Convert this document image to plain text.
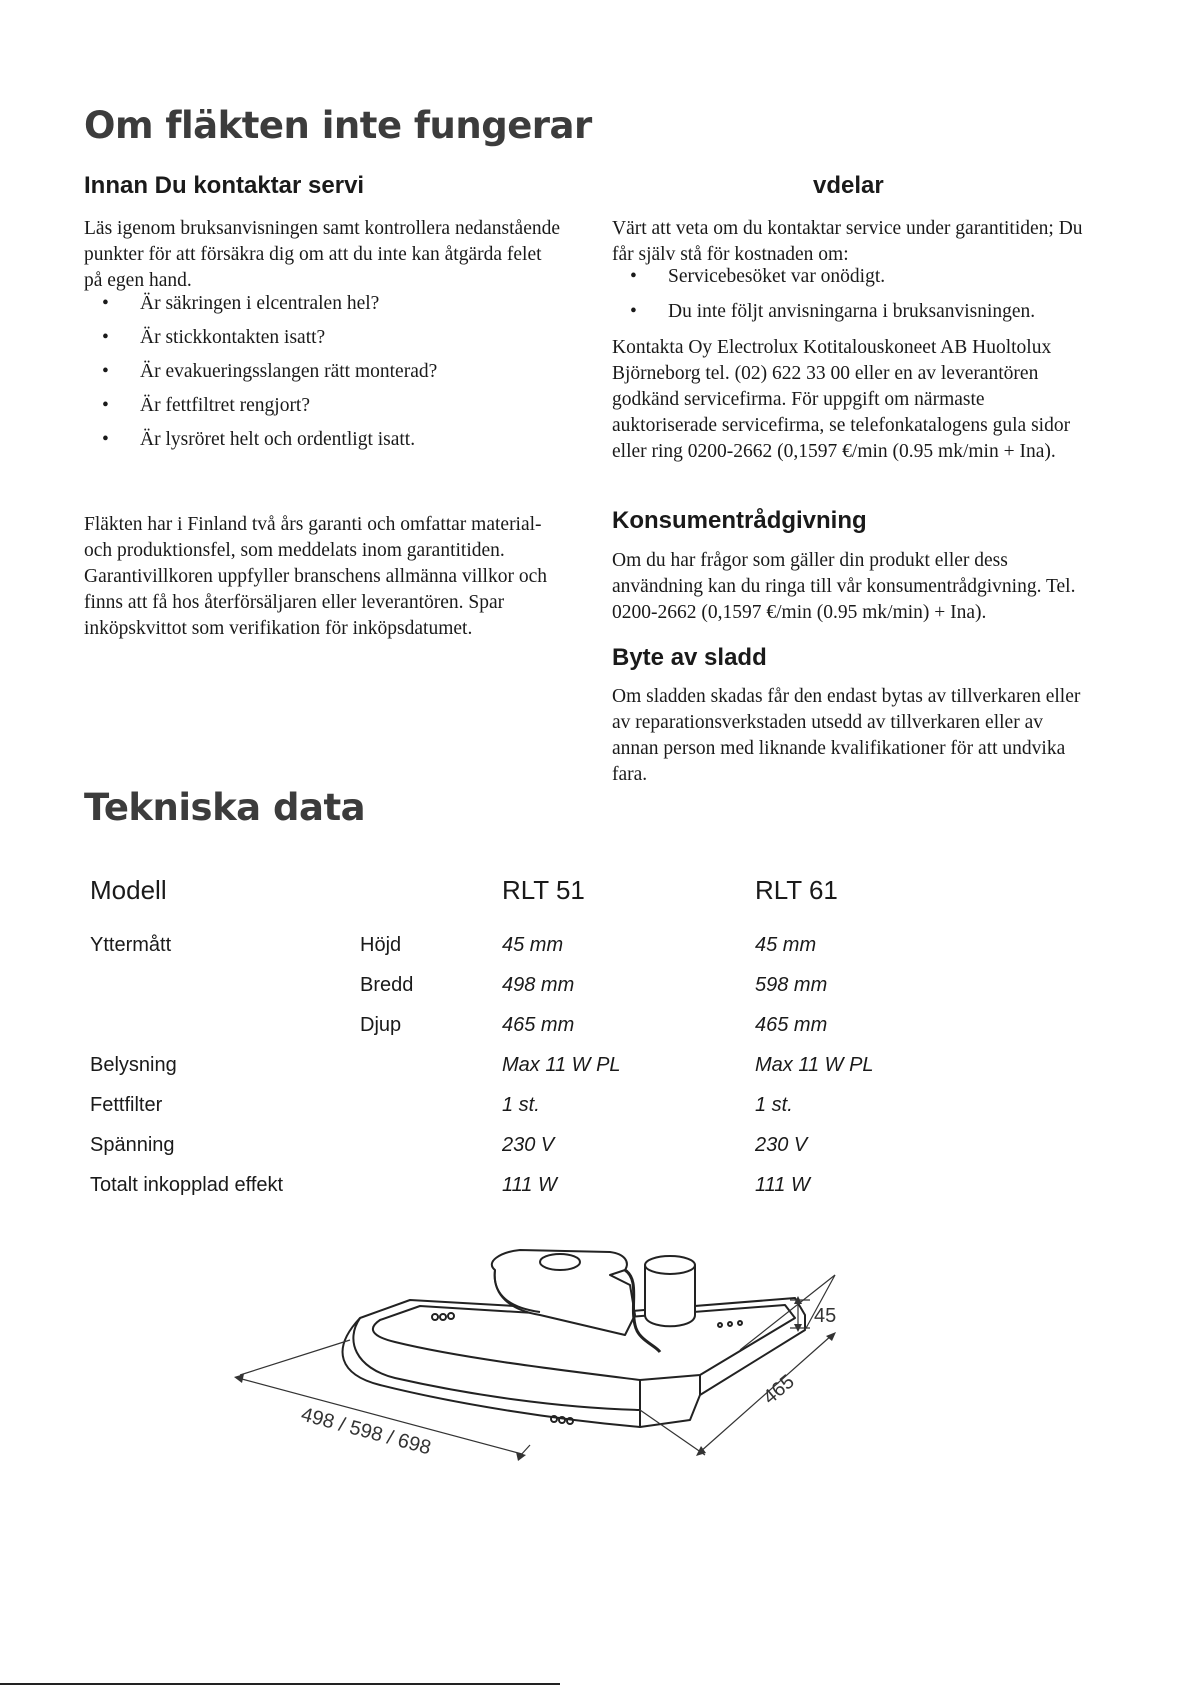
Om fläkten inte fungerar
Innan Du kontaktar servi

Läs igenom bruksanvisningen samt kontrollera nedanstående punkter för att försäkra dig om att du inte kan åtgärda felet på egen hand.

• Är säkringen i elcentralen hel?
• Är stickkontakten isatt?
• Är evakueringsslangen rätt monterad?
• Är fettfiltret rengjort?
• Är lysröret helt och ordentligt isatt.

Fläkten har i Finland två års garanti och omfattar material- och produktionsfel, som meddelats inom garantitiden. Garantivillkoren uppfyller branschens allmänna villkor och finns att få hos återförsäljaren eller leverantören. Spar inköpskvittot som verifikation för inköpsdatumet.

vdelar

Värt att veta om du kontaktar service under garantitiden; Du får själv stå för kostnaden om:

• Servicebesöket var onödigt.
• Du inte följt anvisningarna i bruksanvisningen.

Kontakta Oy Electrolux Kotitalouskoneet AB Huoltolux Björneborg tel. (02) 622 33 00 eller en av leverantören godkänd servicefirma. För uppgift om närmaste auktoriserade servicefirma, se telefonkatalogens gula sidor eller ring 0200-2662 (0,1597 €/min (0.95 mk/min + Ina).

Konsumentrådgivning

Om du har frågor som gäller din produkt eller dess användning kan du ringa till vår konsumentrådgivning. Tel. 0200-2662 (0,1597 €/min (0.95 mk/min) + Ina).

Byte av sladd

Om sladden skadas får den endast bytas av tillverkaren eller av reparationsverkstaden utsedd av tillverkaren eller av annan person med liknande kvalifikationer för att undvika fara.

Tekniska data
Modell		RLT 51	RLT 61
Yttermått	Höjd	45 mm	45 mm
	Bredd	498 mm	598 mm
	Djup	465 mm	465 mm
Belysning		Max 11 W PL	Max 11 W PL
Fettfilter		1 st.	1 st.
Spänning		230 V	230 V
Totalt inkopplad effekt		111 W	111 W
45
465
498 / 598 / 698
